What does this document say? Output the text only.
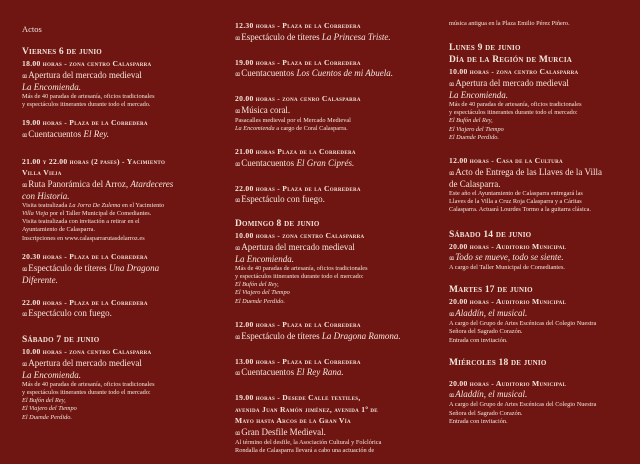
Actos
Viernes 6 de junio
18.00 horas - zona centro Calasparra
ɞɞ Apertura del mercado medieval
La Encomienda.
Más de 40 paradas de artesanía, oficios tradicionales
y espectáculos itinerantes durante todo el mercado.
19.00 horas - Plaza de la Corredera
ɞɞ Cuentacuentos El Rey.
21.00 y 22.00 horas (2 pases) - Yacimiento
Villa Vieja
ɞɞ Ruta Panorámica del Arroz, Atardeceres
con Historia.
Visita teatralizada La Jorra De Zulema en el Yacimiento
Villa Vieja por el Taller Municipal de Comediantes.
Visita teatralizada con invitación a retirar en el
Ayuntamiento de Calasparra.
Inscripciones en www.calasparrarutasdelarroz.es
20.30 horas - Plaza de la Corredera
ɞɞ Espectáculo de títeres Una Dragona
Diferente.
22.00 horas - Plaza de la Corredera
ɞɞ Espectáculo con fuego.
Sábado 7 de junio
10.00 horas - zona centro Calasparra
ɞɞ Apertura del mercado medieval
La Encomienda.
Más de 40 paradas de artesanía, oficios tradicionales
y espectáculos itinerantes durante todo el mercado:
El Bufón del Rey,
El Viajero del Tiempo
El Duende Perdido.
12.30 horas - Plaza de la Corredera
ɞɞ Espectáculo de títeres La Princesa Triste.
19.00 horas - Plaza de la Corredera
ɞɞ Cuentacuentos Los Cuentos de mi Abuela.
20.00 horas - zona cenro Calasparra
ɞɞ Música coral.
Pasacalles medieval por el Mercado Medieval
La Encomienda a cargo de Coral Calasparra.
21.00 horas Plaza de la Corredera
ɞɞ Cuentacuentos El Gran Ciprés.
22.00 horas - Plaza de la Corredera
ɞɞ Espectáculo con fuego.
Domingo 8 de junio
10.00 horas - zona centro Calasparra
ɞɞ Apertura del mercado medieval
La Encomienda.
Más de 40 paradas de artesanía, oficios tradicionales
y espectáculos itinerantes durante todo el mercado:
El Bufón del Rey,
El Viajero del Tiempo
El Duende Perdido.
12.00 horas - Plaza de la Corredera
ɞɞ Espectáculo de títeres La Dragona Ramona.
13.00 horas - Plaza de la Corredera
ɞɞ Cuentacuentos El Rey Rana.
19.00 horas - Desede Calle textiles,
avenida Juan Ramón jiménez, avenida 1º de
Mayo hasta Arcos de la Gran Vía
ɞɞ Gran Desfile Medieval.
Al término del desfile, la Asociación Cultural y Folclórica
Rondalla de Calasparra llevará a cabo una actuación de
música antigua en la Plaza Emilio Pérez Piñero.
Lunes 9 de junio
Día de la Región de Murcia
10.00 horas - zona centro Calasparra
ɞɞ Apertura del mercado medieval
La Encomienda.
Más de 40 paradas de artesanía, oficios tradicionales
y espectáculos itinerantes durante todo el mercado:
El Bufón del Rey,
El Viajero del Tiempo
El Duende Perdido.
12.00 horas - Casa de la Cultura
ɞɞ Acto de Entrega de las Llaves de la Villa
de Calasparra.
Este año el Ayuntamiento de Calasparra entregará las
Llaves de la Villa a Cruz Roja Calasparra y a Cáritas
Calasparra. Actuará Lourdes Tormo a la guitarra clásica.
Sábado 14 de junio
20.00 horas - Auditorio Municipal
ɞɞ Todo se mueve, todo se siente.
A cargo del Taller Municipal de Comediantes.
Martes 17 de junio
20.00 horas - Auditorio Municipal
ɞɞ Aladdín, el musical.
A cargo del Grupo de Artes Escénicas del Colegio Nuestra
Señora del Sagrado Corazón.
Entrada con invitación.
Miércoles 18 de junio
20.00 horas - Auditorio Municipal
ɞɞ Aladdín, el musical.
A cargo del Grupo de Artes Escénicas del Colegio Nuestra
Señora del Sagrado Corazón.
Entrada con invitación.
